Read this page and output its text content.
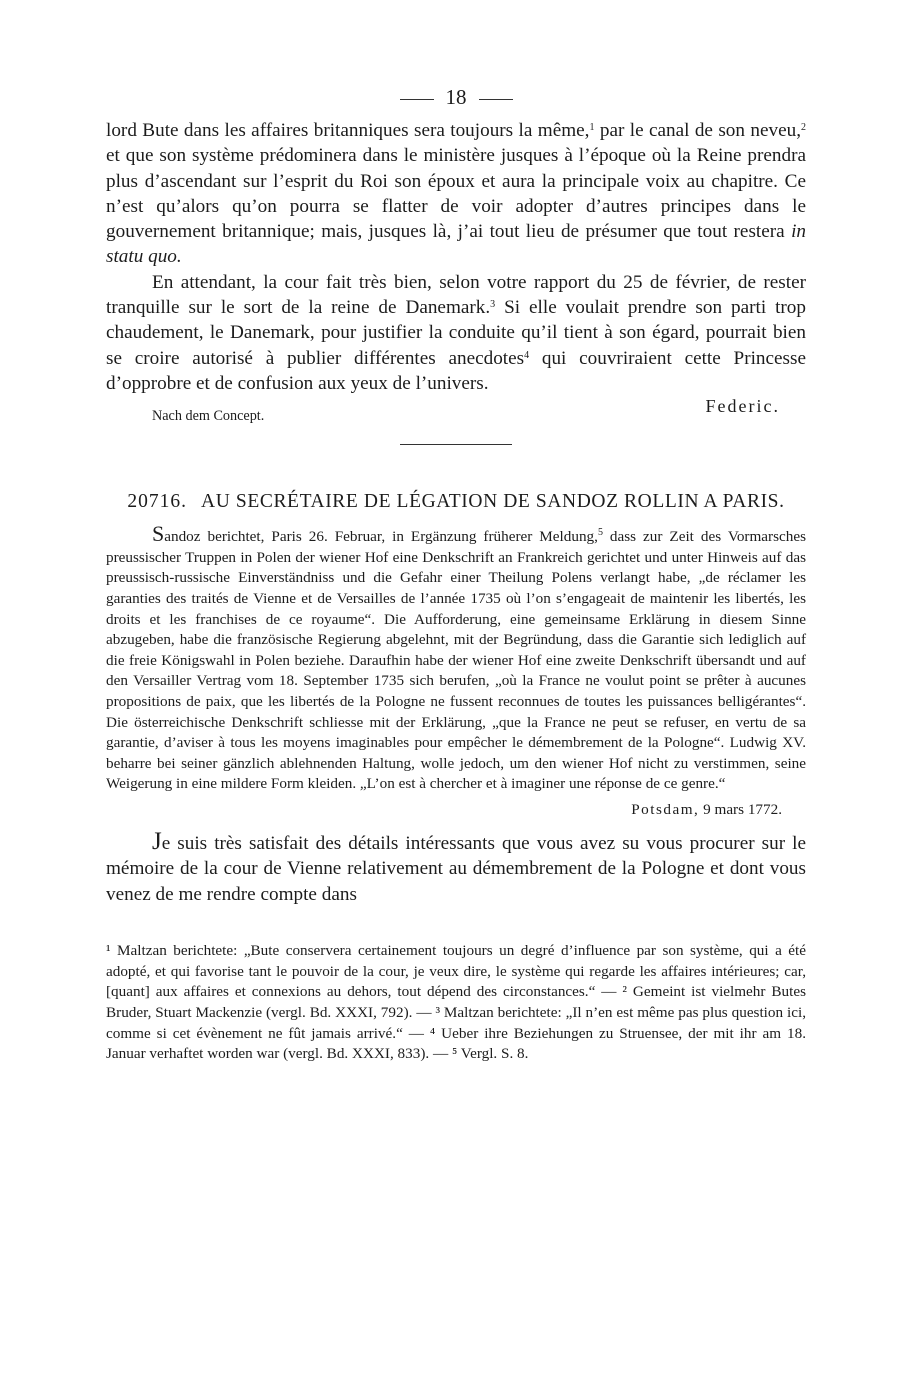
18

lord Bute dans les affaires britanniques sera toujours la même,$^1$ par le canal de son neveu,$^2$ et que son système prédominera dans le ministère jusques à l’époque où la Reine prendra plus d’ascendant sur l’esprit du Roi son époux et aura la principale voix au chapitre. Ce n’est qu’alors qu’on pourra se flatter de voir adopter d’autres principes dans le gouvernement britannique; mais, jusques là, j’ai tout lieu de présumer que tout restera in statu quo.

En attendant, la cour fait très bien, selon votre rapport du 25 de février, de rester tranquille sur le sort de la reine de Danemark.$^3$ Si elle voulait prendre son parti trop chaudement, le Danemark, pour justifier la conduite qu’il tient à son égard, pourrait bien se croire autorisé à publier différentes anecdotes$^4$ qui couvriraient cette Princesse d’opprobre et de confusion aux yeux de l’univers.

Nach dem Concept.	Federic.

20716. AU SECRÉTAIRE DE LÉGATION DE SANDOZ ROLLIN A PARIS.

Sandoz berichtet, Paris 26. Februar, in Ergänzung früherer Meldung,$^5$ dass zur Zeit des Vormarsches preussischer Truppen in Polen der wiener Hof eine Denkschrift an Frankreich gerichtet und unter Hinweis auf das preussisch-russische Einverständniss und die Gefahr einer Theilung Polens verlangt habe, „de réclamer les garanties des traités de Vienne et de Versailles de l’année 1735 où l’on s’engageait de maintenir les libertés, les droits et les franchises de ce royaume“. Die Aufforderung, eine gemeinsame Erklärung in diesem Sinne abzugeben, habe die französische Regierung abgelehnt, mit der Begründung, dass die Garantie sich lediglich auf die freie Königswahl in Polen beziehe. Daraufhin habe der wiener Hof eine zweite Denkschrift übersandt und auf den Versailler Vertrag vom 18. September 1735 sich berufen, „où la France ne voulut point se prêter à aucunes propositions de paix, que les libertés de la Pologne ne fussent reconnues de toutes les puissances belligérantes“. Die österreichische Denkschrift schliesse mit der Erklärung, „que la France ne peut se refuser, en vertu de sa garantie, d’aviser à tous les moyens imaginables pour empêcher le démembrement de la Pologne“. Ludwig XV. beharre bei seiner gänzlich ablehnenden Haltung, wolle jedoch, um den wiener Hof nicht zu verstimmen, seine Weigerung in eine mildere Form kleiden. „L’on est à chercher et à imaginer une réponse de ce genre.“

Potsdam, 9 mars 1772.

Je suis très satisfait des détails intéressants que vous avez su vous procurer sur le mémoire de la cour de Vienne relativement au démembrement de la Pologne et dont vous venez de me rendre compte dans

¹ Maltzan berichtete: „Bute conservera certainement toujours un degré d’influence par son système, qui a été adopté, et qui favorise tant le pouvoir de la cour, je veux dire, le système qui regarde les affaires intérieures; car, [quant] aux affaires et connexions au dehors, tout dépend des circonstances.“ — ² Gemeint ist vielmehr Butes Bruder, Stuart Mackenzie (vergl. Bd. XXXI, 792). — ³ Maltzan berichtete: „Il n’en est même pas plus question ici, comme si cet évènement ne fût jamais arrivé.“ — ⁴ Ueber ihre Beziehungen zu Struensee, der mit ihr am 18. Januar verhaftet worden war (vergl. Bd. XXXI, 833). — ⁵ Vergl. S. 8.
